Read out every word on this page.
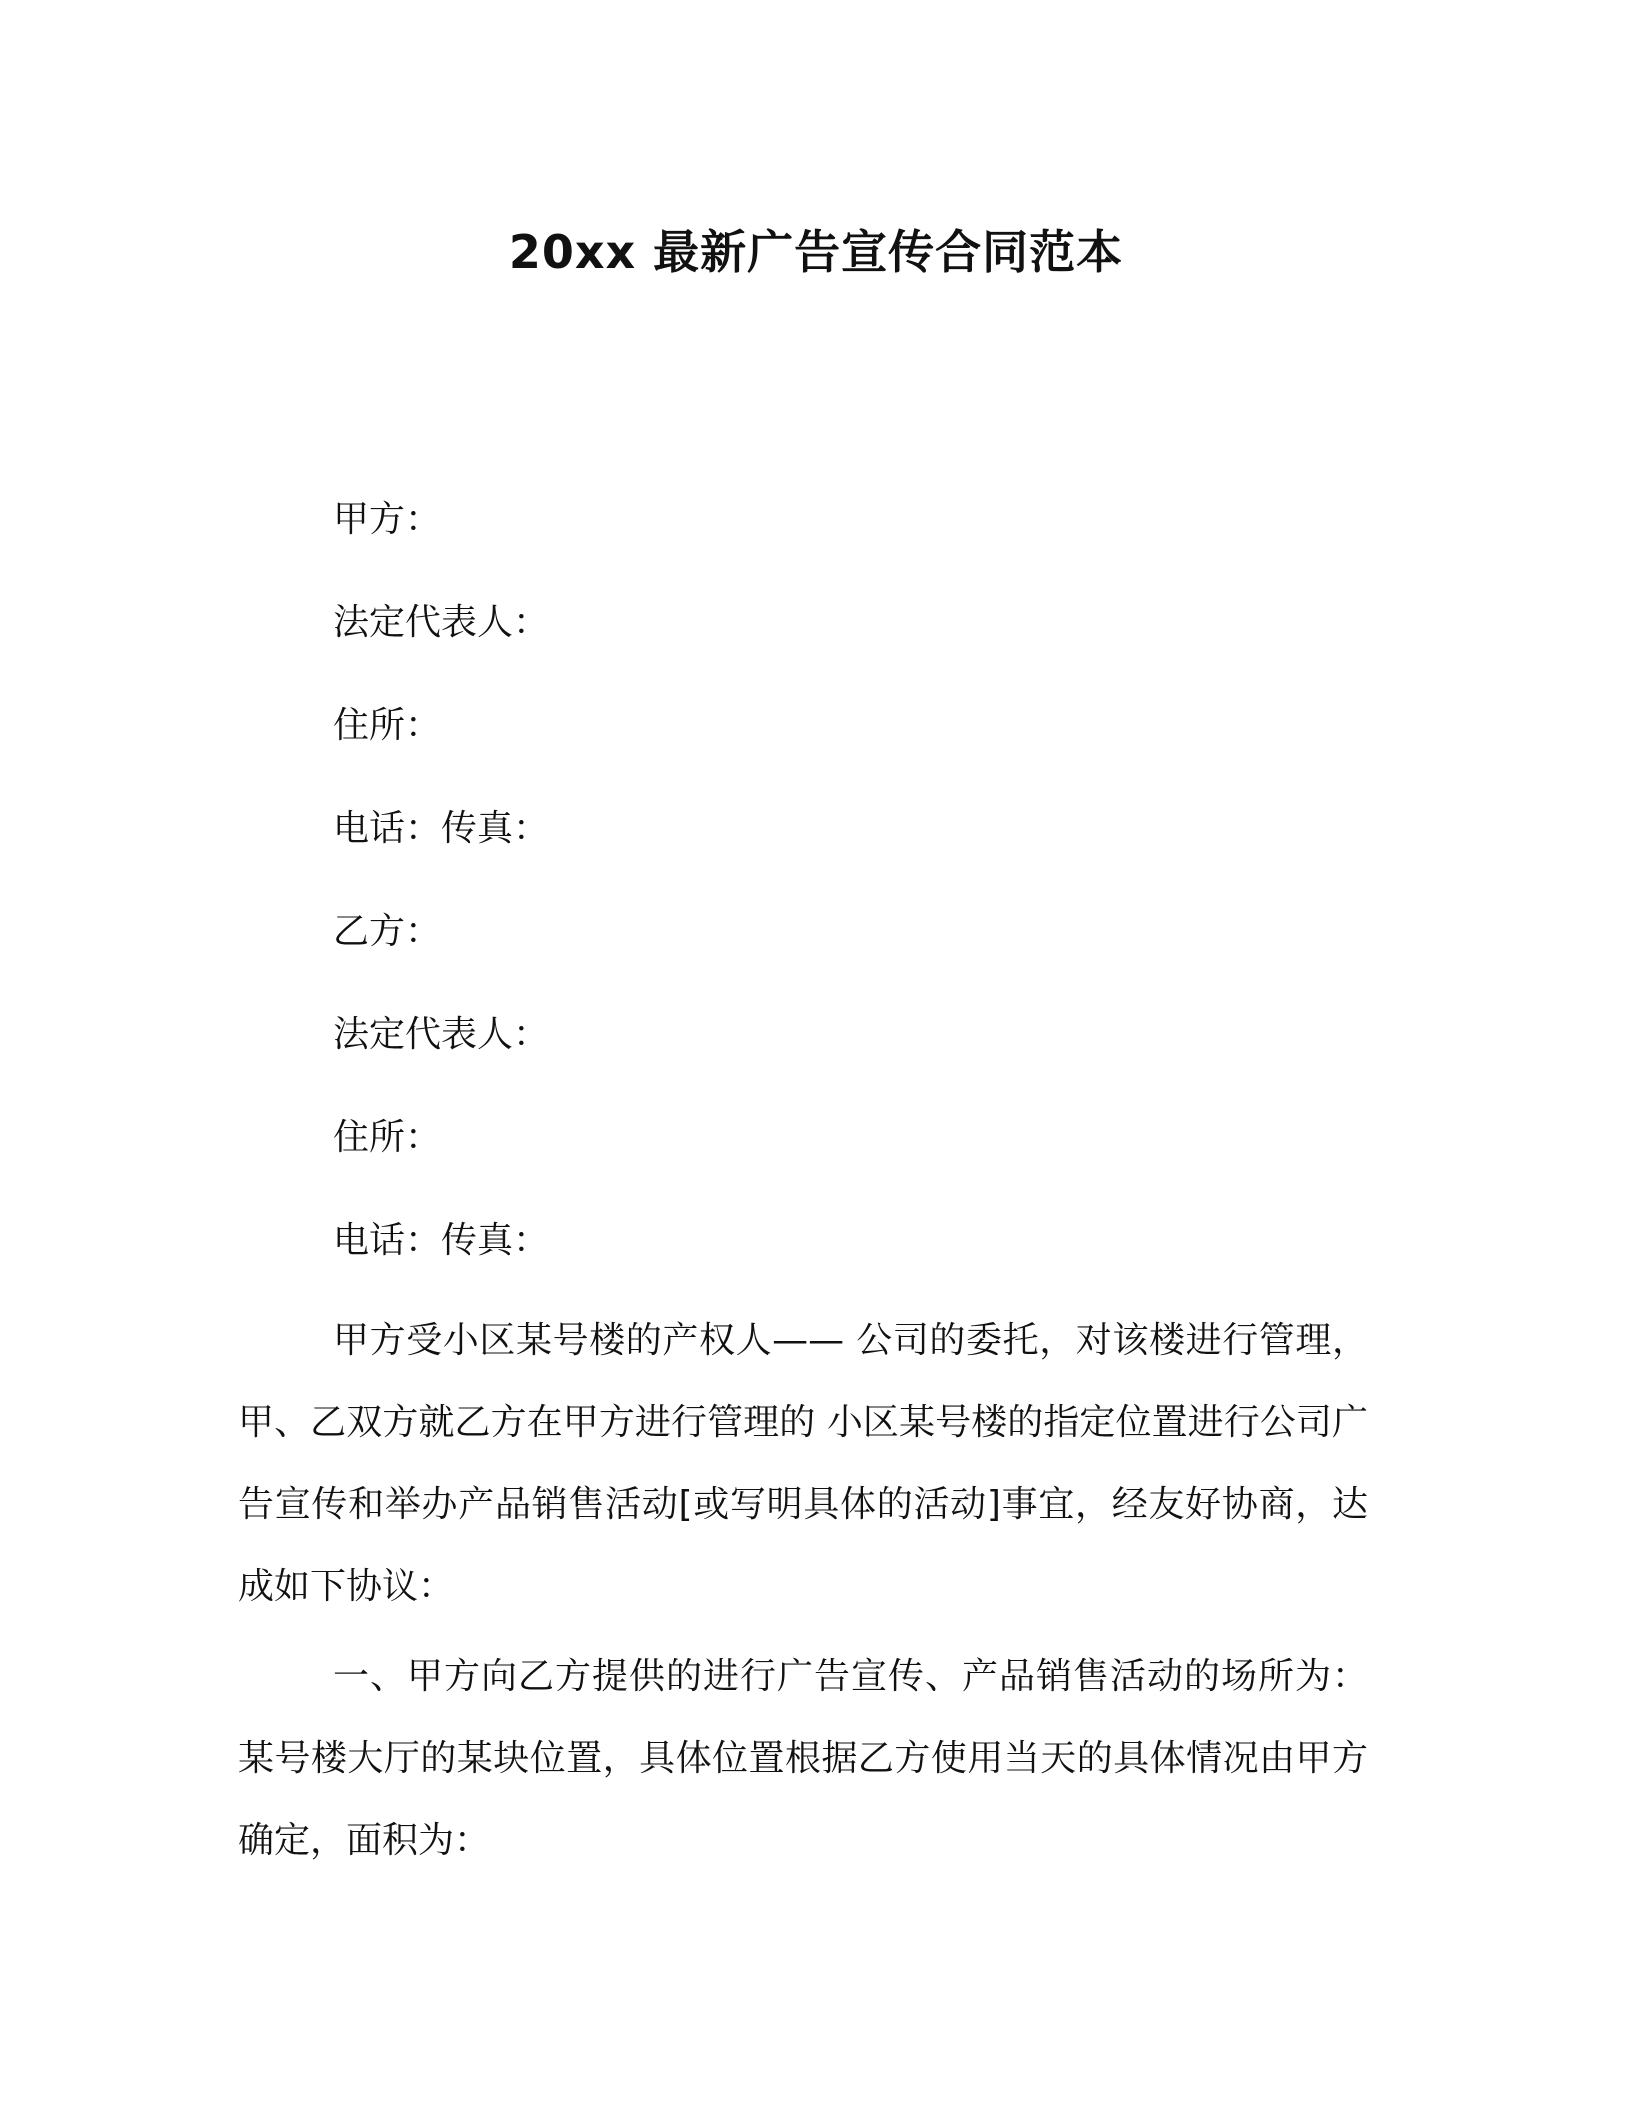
20xx 最新广告宣传合同范本
甲方：
法定代表人：
住所：
电话：传真：
乙方：
法定代表人：
住所：
电话：传真：
甲方受小区某号楼的产权人—— 公司的委托，对该楼进行管理，甲、乙双方就乙方在甲方进行管理的 小区某号楼的指定位置进行公司广告宣传和举办产品销售活动[或写明具体的活动]事宜，经友好协商，达成如下协议：
一、甲方向乙方提供的进行广告宣传、产品销售活动的场所为：某号楼大厅的某块位置，具体位置根据乙方使用当天的具体情况由甲方确定，面积为：
